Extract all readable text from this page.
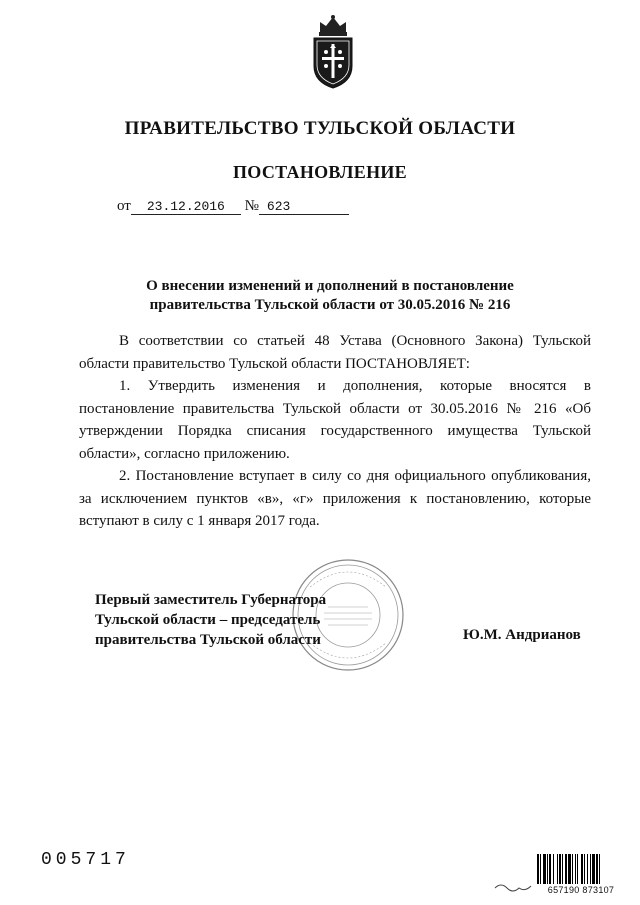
ПРАВИТЕЛЬСТВО ТУЛЬСКОЙ ОБЛАСТИ
ПОСТАНОВЛЕНИЕ
от 23.12.2016 № 623
О внесении изменений и дополнений в постановление
правительства Тульской области от 30.05.2016 № 216

В соответствии со статьей 48 Устава (Основного Закона) Тульской области правительство Тульской области ПОСТАНОВЛЯЕТ:

1. Утвердить изменения и дополнения, которые вносятся в постановление правительства Тульской области от 30.05.2016 № 216 «Об утверждении Порядка списания государственного имущества Тульской области», согласно приложению.

2. Постановление вступает в силу со дня официального опубликования, за исключением пунктов «в», «г» приложения к постановлению, которые вступают в силу с 1 января 2017 года.

Первый заместитель Губернатора
Тульской области – председатель
правительства Тульской области	Ю.М. Андрианов
005717
657190 873107
